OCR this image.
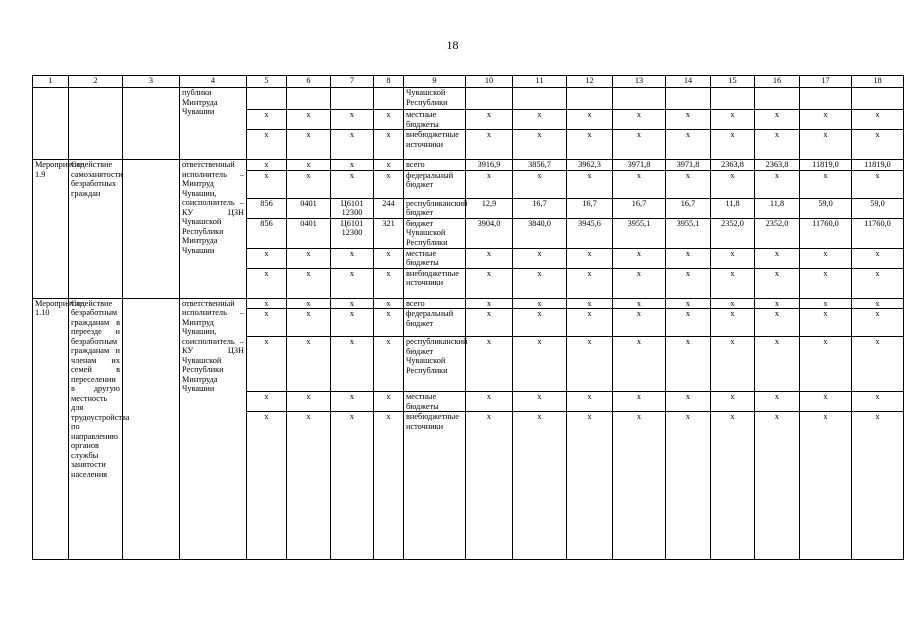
18
1	2	3	4	5	6	7	8	9	10	11	12	13	14	15	16	17	18
			публики Минтруда Чувашии					Чувашской Республики									
				х	х	х	х	местные бюджеты	х	х	х	х	х	х	х	х	х
				х	х	х	х	внебюджетные источники	х	х	х	х	х	х	х	х	х
Мероприятие 1.9	Содействие самозанятости безработных граждан		ответственный исполнитель – Минтруд Чувашии, соисполнитель – КУ ЦЗН Чувашской Республики Минтруда Чувашии	х	х	х	х	всего	3916,9	3856,7	3962,3	3971,8	3971,8	2363,8	2363,8	11819,0	11819,0
				х	х	х	х	федеральный бюджет	х	х	х	х	х	х	х	х	х
				856	0401	Ц6101 12300	244	республиканский бюджет	12,9	16,7	16,7	16,7	16,7	11,8	11,8	59,0	59,0
				856	0401	Ц6101 12300	321	бюджет Чувашской Республики	3904,0	3840,0	3945,6	3955,1	3955,1	2352,0	2352,0	11760,0	11760,0
				х	х	х	х	местные бюджеты	х	х	х	х	х	х	х	х	х
				х	х	х	х	внебюджетные источники	х	х	х	х	х	х	х	х	х
Мероприятие 1.10	Содействие безработным гражданам в переезде и безработным гражданам и членам их семей в переселении в другую местность для трудоустройства по направлению органов службы занятости населения		ответственный исполнитель – Минтруд Чувашии, соисполнитель – КУ ЦЗН Чувашской Республики Минтруда Чувашии	х	х	х	х	всего	х	х	х	х	х	х	х	х	х
				х	х	х	х	федеральный бюджет	х	х	х	х	х	х	х	х	х
				х	х	х	х	республиканский бюджет Чувашской Республики	х	х	х	х	х	х	х	х	х
				х	х	х	х	местные бюджеты	х	х	х	х	х	х	х	х	х
				х	х	х	х	внебюджетные источники	х	х	х	х	х	х	х	х	х
